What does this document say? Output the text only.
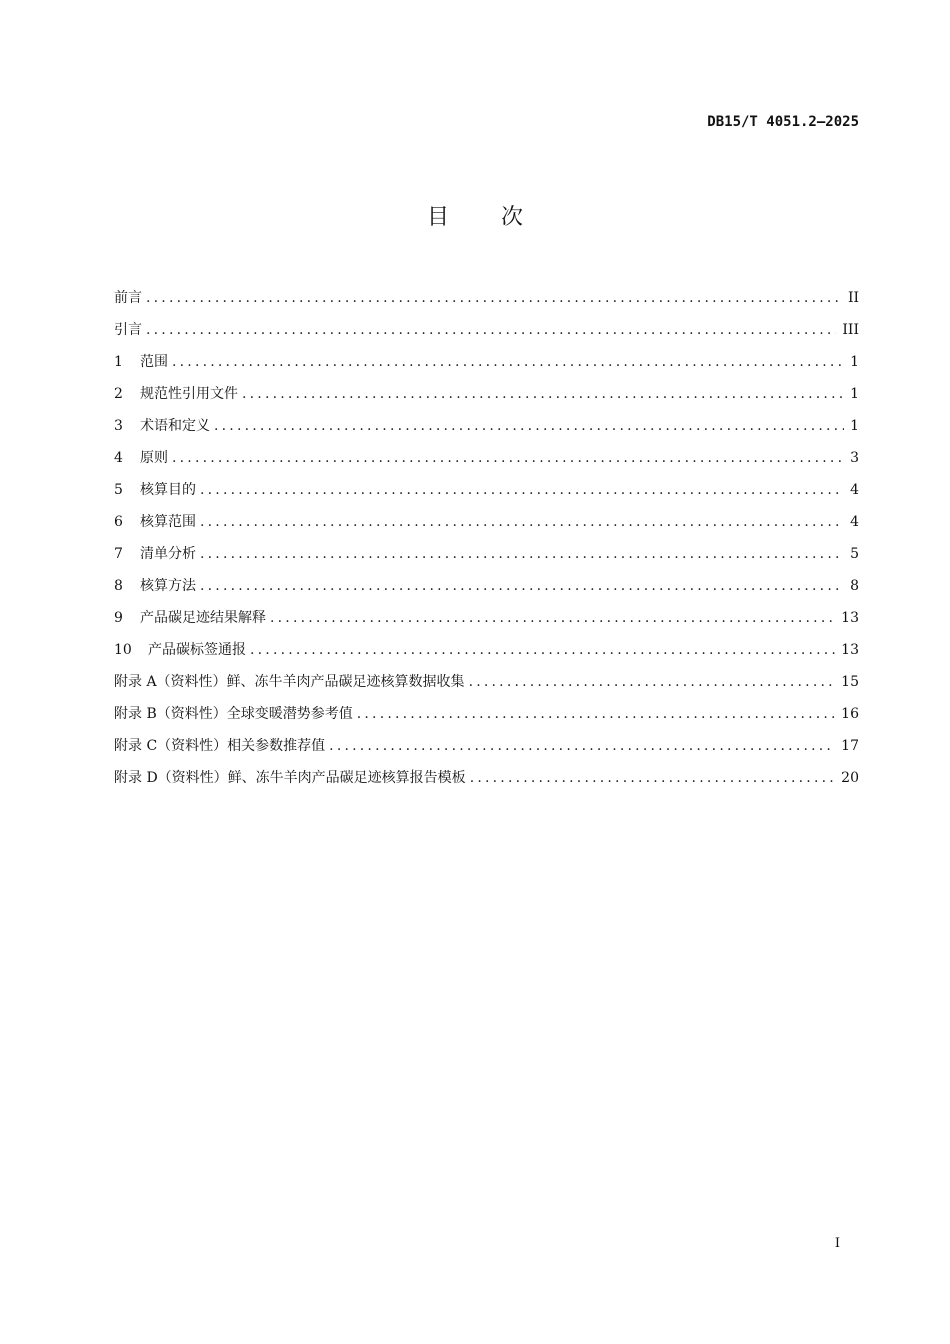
DB15/T 4051.2—2025
目次
前言 .....	II
引言 .....	III
1	范围 .....	1
2	规范性引用文件 .....	1
3	术语和定义 .....	1
4	原则 .....	3
5	核算目的 .....	4
6	核算范围 .....	4
7	清单分析 .....	5
8	核算方法 .....	8
9	产品碳足迹结果解释 .....	13
10	产品碳标签通报 .....	13
附录 A（资料性） 鲜、冻牛羊肉产品碳足迹核算数据收集 .....	15
附录 B（资料性） 全球变暖潜势参考值 .....	16
附录 C（资料性） 相关参数推荐值 .....	17
附录 D（资料性） 鲜、冻牛羊肉产品碳足迹核算报告模板 .....	20
I
